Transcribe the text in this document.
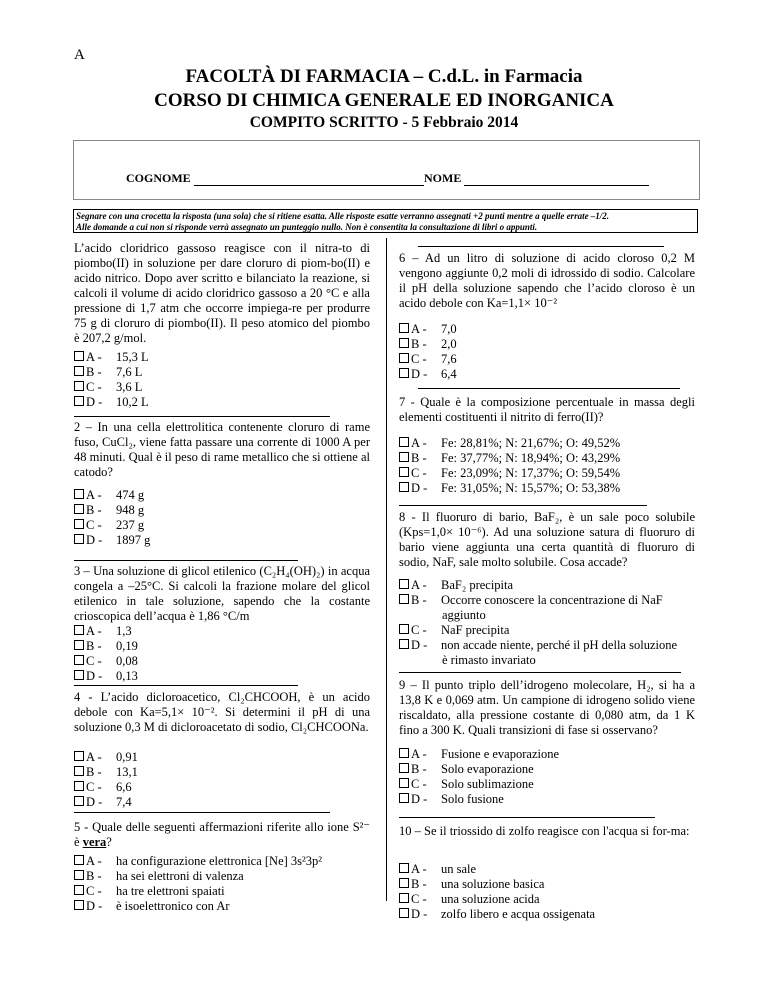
A
FACOLTÀ DI FARMACIA – C.d.L. in Farmacia
CORSO DI CHIMICA GENERALE ED INORGANICA
COMPITO SCRITTO - 5 Febbraio 2014
COGNOME	NOME
Segnare con una crocetta la risposta (una sola) che si ritiene esatta. Alle risposte esatte verranno assegnati +2 punti mentre a quelle errate –1/2.
Alle domande a cui non si risponde verrà assegnato un punteggio nullo. Non è consentita la consultazione di libri o appunti.
L’acido cloridrico gassoso reagisce con il nitra-to di piombo(II) in soluzione per dare cloruro di piom-bo(II) e acido nitrico. Dopo aver scritto e bilanciato la reazione, si calcoli il volume di acido cloridrico gassoso a 20 °C e alla pressione di 1,7 atm che occorre impiega-re per produrre 75 g di cloruro di piombo(II). Il peso atomico del piombo è 207,2 g/mol.
A - 15,3 L
B - 7,6 L
C - 3,6 L
D - 10,2 L
2 – In una cella elettrolitica contenente cloruro di rame fuso, CuCl₂, viene fatta passare una corrente di 1000 A per 48 minuti. Qual è il peso di rame metallico che si ottiene al catodo?
A - 474 g
B - 948 g
C - 237 g
D - 1897 g
3 – Una soluzione di glicol etilenico (C₂H₄(OH)₂) in acqua congela a –25°C. Si calcoli la frazione molare del glicol etilenico in tale soluzione, sapendo che la costante crioscopica dell’acqua è 1,86 °C/m
A - 1,3
B - 0,19
C - 0,08
D - 0,13
4 - L’acido dicloroacetico, Cl₂CHCOOH, è un acido debole con Ka=5,1× 10⁻². Si determini il pH di una soluzione 0,3 M di dicloroacetato di sodio, Cl₂CHCOONa.
A - 0,91
B - 13,1
C - 6,6
D - 7,4
5 - Quale delle seguenti affermazioni riferite allo ione S²⁻ è vera?
A - ha configurazione elettronica [Ne] 3s²3p²
B - ha sei elettroni di valenza
C - ha tre elettroni spaiati
D - è isoelettronico con Ar
6 – Ad un litro di soluzione di acido cloroso 0,2 M vengono aggiunte 0,2 moli di idrossido di sodio. Calcolare il pH della soluzione sapendo che l’acido cloroso è un acido debole con Ka=1,1× 10⁻²
A - 7,0
B - 2,0
C - 7,6
D - 6,4
7 - Quale è la composizione percentuale in massa degli elementi costituenti il nitrito di ferro(II)?
A - Fe: 28,81%; N: 21,67%; O: 49,52%
B - Fe: 37,77%; N: 18,94%; O: 43,29%
C - Fe: 23,09%; N: 17,37%; O: 59,54%
D - Fe: 31,05%; N: 15,57%; O: 53,38%
8 - Il fluoruro di bario, BaF₂, è un sale poco solubile (Kps=1,0× 10⁻⁶). Ad una soluzione satura di fluoruro di bario viene aggiunta una certa quantità di fluoruro di sodio, NaF, sale molto solubile. Cosa accade?
A - BaF₂ precipita
B - Occorre conoscere la concentrazione di NaF
aggiunto
C - NaF precipita
D - non accade niente, perché il pH della soluzione
è rimasto invariato
9 – Il punto triplo dell’idrogeno molecolare, H₂, si ha a 13,8 K e 0,069 atm. Un campione di idrogeno solido viene riscaldato, alla pressione costante di 0,080 atm, da 1 K fino a 300 K. Quali transizioni di fase si osservano?
A - Fusione e evaporazione
B - Solo evaporazione
C - Solo sublimazione
D - Solo fusione
10 – Se il triossido di zolfo reagisce con l'acqua si for-ma:
A - un sale
B - una soluzione basica
C - una soluzione acida
D - zolfo libero e acqua ossigenata
